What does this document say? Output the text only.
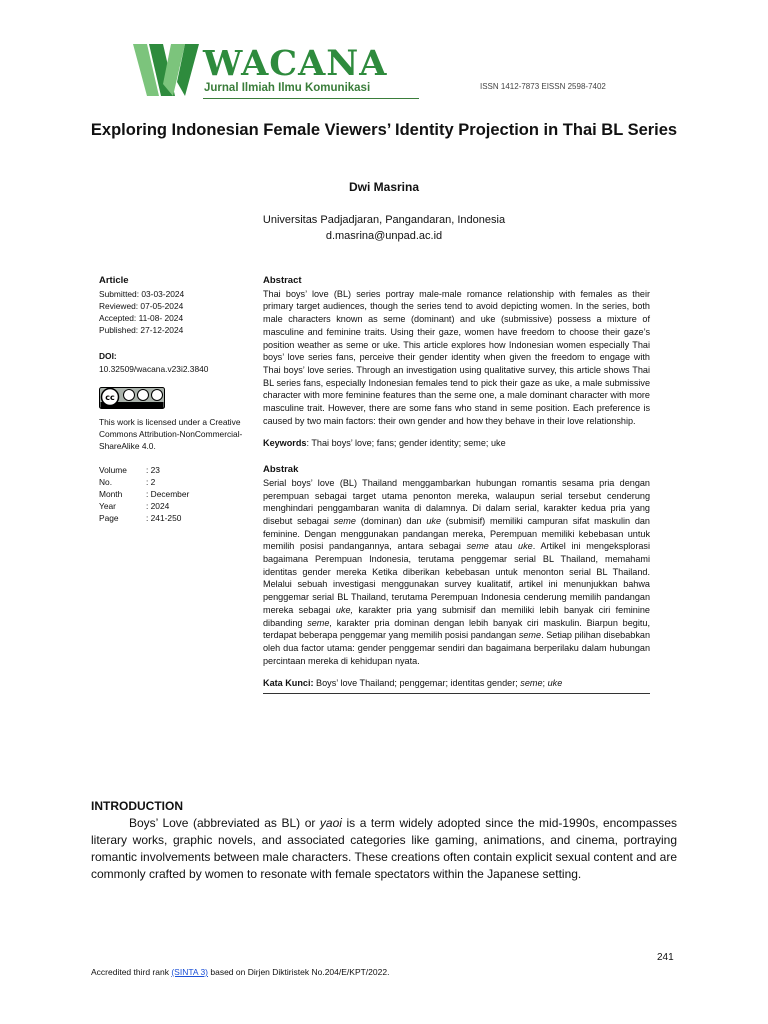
WACANA
Jurnal Ilmiah Ilmu Komunikasi	ISSN 1412-7873 EISSN 2598-7402
Exploring Indonesian Female Viewers’ Identity Projection in Thai BL Series
Dwi Masrina
Universitas Padjadjaran, Pangandaran, Indonesia
d.masrina@unpad.ac.id
Article
Submitted: 03-03-2024
Reviewed: 07-05-2024
Accepted: 11-08- 2024
Published: 27-12-2024
DOI:
10.32509/wacana.v23i2.3840
cc
This work is licensed under a Creative Commons Attribution-NonCommercial-ShareAlike 4.0.
Volume	: 23
No.	: 2
Month	: December
Year	: 2024
Page	: 241-250
Abstract

Thai boys’ love (BL) series portray male-male romance relationship with females as their primary target audiences, though the series tend to avoid depicting women. In the series, both male characters known as seme (dominant) and uke (submissive) possess a mixture of masculine and feminine traits. Using their gaze, women have freedom to choose their gaze’s position weather as seme or uke. This article explores how Indonesian women especially Thai boys’ love series fans, perceive their gender identity when given the freedom to engage with Thai boys’ love series. Through an investigation using qualitative survey, this article shows Thai BL series fans, especially Indonesian females tend to pick their gaze as uke, a male submissive character with more feminine features than the seme one, a male dominant character with more masculine trait. However, there are some fans who stand in seme position. Each preference is caused by two main factors: their own gender and how they behave in their love relationship.

Keywords: Thai boys’ love; fans; gender identity; seme; uke
Abstrak

Serial boys’ love (BL) Thailand menggambarkan hubungan romantis sesama pria dengan perempuan sebagai target utama penonton mereka, walaupun serial tersebut cenderung menghindari penggambaran wanita di dalamnya. Di dalam serial, karakter kedua pria yang disebut sebagai seme (dominan) dan uke (submisif) memiliki campuran sifat maskulin dan feminine. Dengan menggunakan pandangan mereka, Perempuan memiliki kebebasan untuk memilih posisi pandangannya, antara sebagai seme atau uke. Artikel ini mengeksplorasi bagaimana Perempuan Indonesia, terutama penggemar serial BL Thailand, memahami identitas gender mereka Ketika diberikan kebebasan untuk menonton serial BL Thailand. Melalui sebuah investigasi menggunakan survey kualitatif, artikel ini menunjukkan bahwa penggemar serial BL Thailand, terutama Perempuan Indonesia cenderung memilih pandangan mereka sebagai uke, karakter pria yang submisif dan memiliki lebih banyak ciri feminine dibanding seme, karakter pria dominan dengan lebih banyak ciri maskulin. Biarpun begitu, terdapat beberapa penggemar yang memilih posisi pandangan seme. Setiap pilihan disebabkan oleh dua factor utama: gender penggemar sendiri dan bagaimana berperilaku dalam hubungan percintaan mereka di kehidupan nyata.

Kata Kunci: Boys’ love Thailand; penggemar; identitas gender; seme; uke
INTRODUCTION

Boys’ Love (abbreviated as BL) or yaoi is a term widely adopted since the mid-1990s, encompasses literary works, graphic novels, and associated categories like gaming, animations, and cinema, portraying romantic involvements between male characters. These creations often contain explicit sexual content and are commonly crafted by women to resonate with female spectators within the Japanese setting.

241
Accredited third rank (SINTA 3) based on Dirjen Diktiristek No.204/E/KPT/2022.
